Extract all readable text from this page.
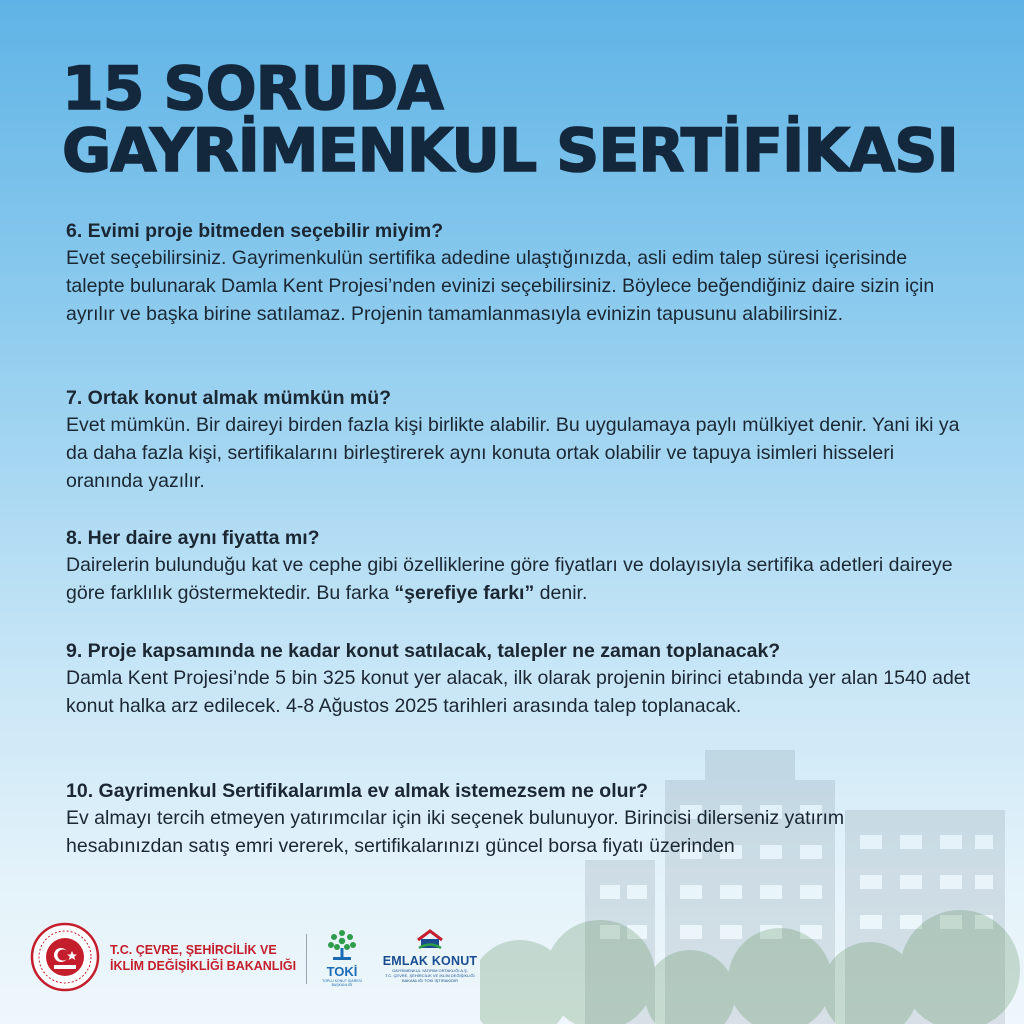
15 SORUDA
GAYRİMENKUL SERTİFİKASI

6. Evimi proje bitmeden seçebilir miyim?

Evet seçebilirsiniz. Gayrimenkulün sertifika adedine ulaştığınızda, asli edim talep süresi içerisinde talepte bulunarak Damla Kent Projesi’nden evinizi seçebilirsiniz. Böylece beğendiğiniz daire sizin için ayrılır ve başka birine satılamaz. Projenin tamamlanmasıyla evinizin tapusunu alabilirsiniz.

7. Ortak konut almak mümkün mü?

Evet mümkün. Bir daireyi birden fazla kişi birlikte alabilir. Bu uygulamaya paylı mülkiyet denir. Yani iki ya da daha fazla kişi, sertifikalarını birleştirerek aynı konuta ortak olabilir ve tapuya isimleri hisseleri oranında yazılır.

8. Her daire aynı fiyatta mı?

Dairelerin bulunduğu kat ve cephe gibi özelliklerine göre fiyatları ve dolayısıyla sertifika adetleri daireye göre farklılık göstermektedir. Bu farka “şerefiye farkı” denir.

9. Proje kapsamında ne kadar konut satılacak, talepler ne zaman toplanacak?

Damla Kent Projesi’nde 5 bin 325 konut yer alacak, ilk olarak projenin birinci etabında yer alan 1540 adet konut halka arz edilecek. 4-8 Ağustos 2025 tarihleri arasında talep toplanacak.

10. Gayrimenkul Sertifikalarımla ev almak istemezsem ne olur?

Ev almayı tercih etmeyen yatırımcılar için iki seçenek bulunuyor. Birincisi dilerseniz yatırım hesabınızdan satış emri vererek, sertifikalarınızı güncel borsa fiyatı üzerinden

T.C. ÇEVRE, ŞEHİRCİLİK VE
İKLİM DEĞİŞİKLİĞİ BAKANLIĞI	TOKİ
TOPLU KONUT İDARESİ BAŞKANLIĞI
EMLAK KONUT
GAYRİMENKUL YATIRIM ORTAKLIĞI A.Ş.
T.C. ÇEVRE, ŞEHİRCİLİK VE İKLİM DEĞİŞİKLİĞİ BAKANLIĞI TOKİ İŞTİRAKİDİR
